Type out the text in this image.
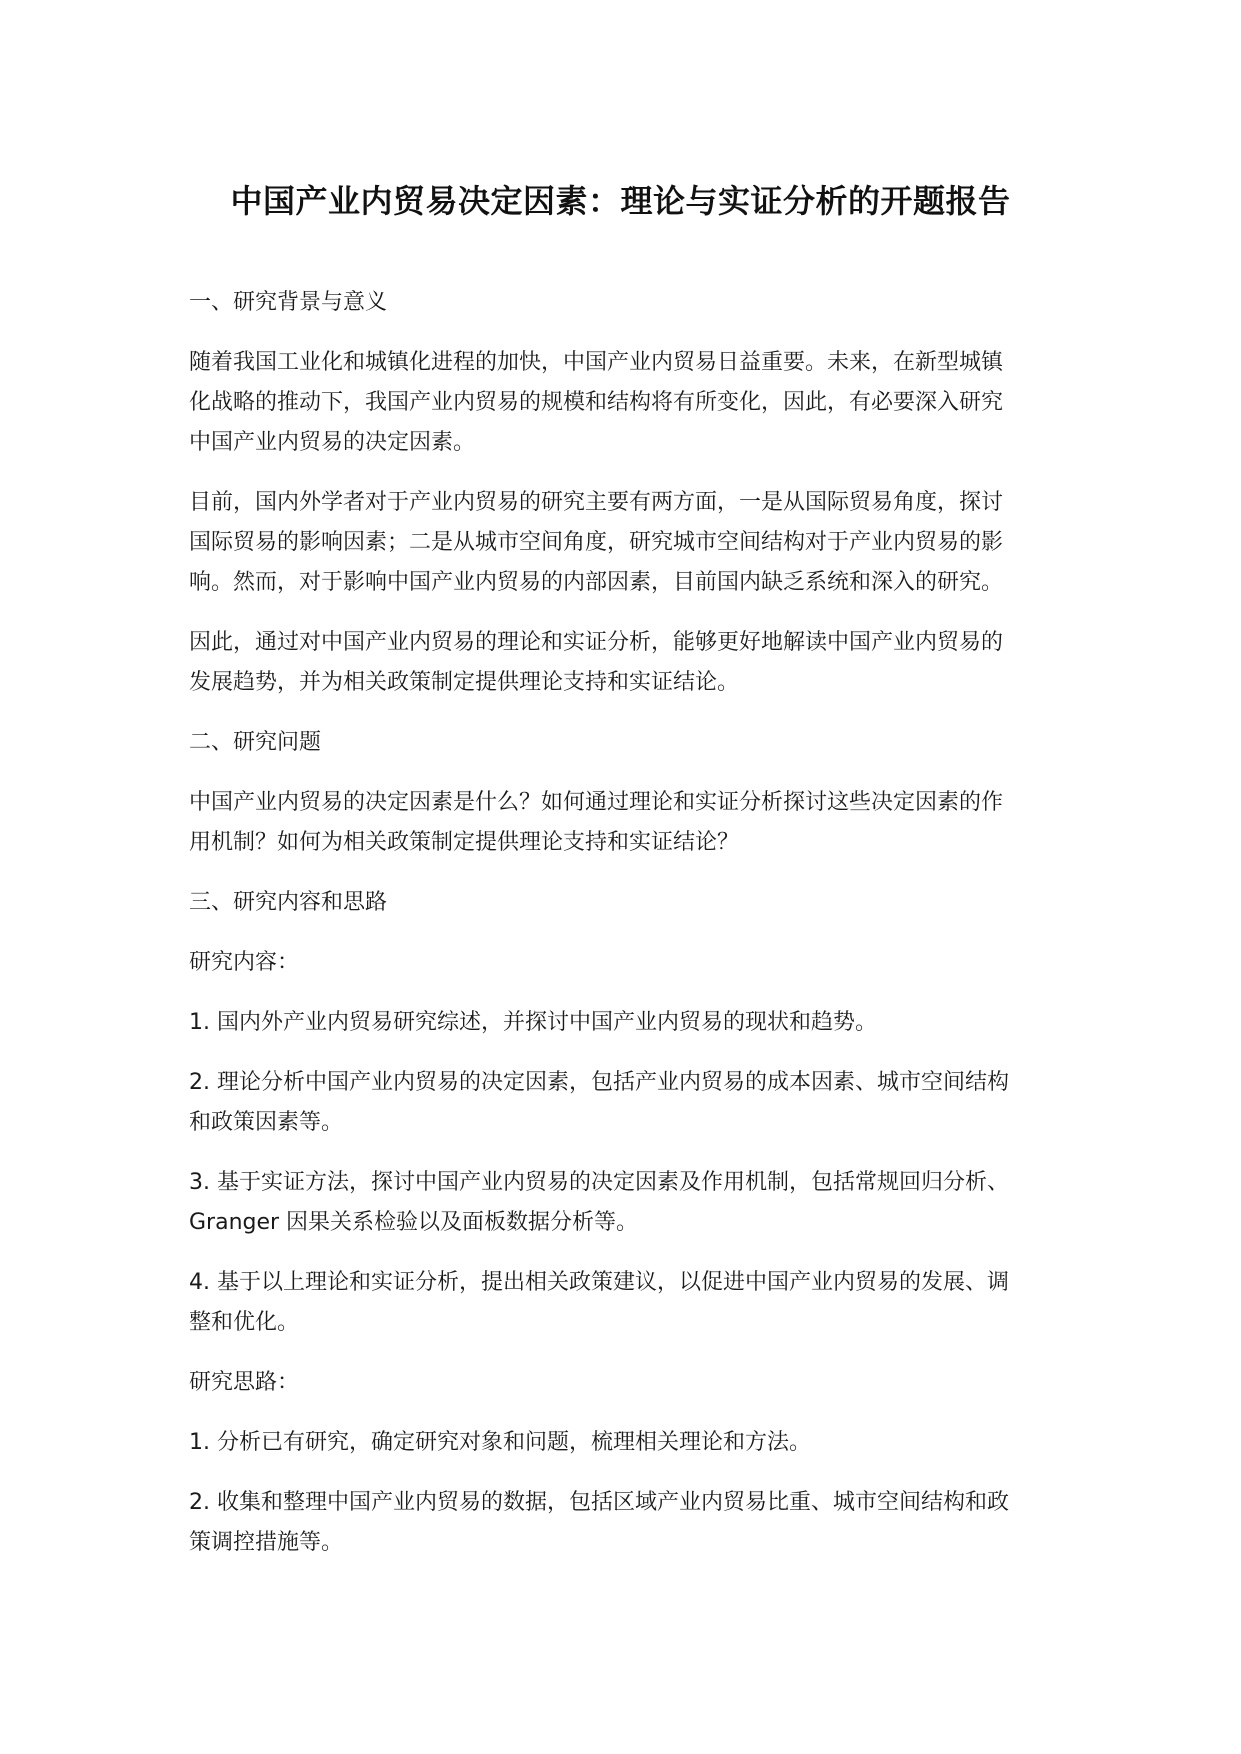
中国产业内贸易决定因素：理论与实证分析的开题报告
一、研究背景与意义
随着我国工业化和城镇化进程的加快，中国产业内贸易日益重要。未来，在新型城镇
化战略的推动下，我国产业内贸易的规模和结构将有所变化，因此，有必要深入研究
中国产业内贸易的决定因素。
目前，国内外学者对于产业内贸易的研究主要有两方面，一是从国际贸易角度，探讨
国际贸易的影响因素；二是从城市空间角度，研究城市空间结构对于产业内贸易的影
响。然而，对于影响中国产业内贸易的内部因素，目前国内缺乏系统和深入的研究。
因此，通过对中国产业内贸易的理论和实证分析，能够更好地解读中国产业内贸易的
发展趋势，并为相关政策制定提供理论支持和实证结论。
二、研究问题
中国产业内贸易的决定因素是什么？如何通过理论和实证分析探讨这些决定因素的作
用机制？如何为相关政策制定提供理论支持和实证结论？
三、研究内容和思路
研究内容：
1. 国内外产业内贸易研究综述，并探讨中国产业内贸易的现状和趋势。
2. 理论分析中国产业内贸易的决定因素，包括产业内贸易的成本因素、城市空间结构
和政策因素等。
3. 基于实证方法，探讨中国产业内贸易的决定因素及作用机制，包括常规回归分析、
Granger 因果关系检验以及面板数据分析等。
4. 基于以上理论和实证分析，提出相关政策建议，以促进中国产业内贸易的发展、调
整和优化。
研究思路：
1. 分析已有研究，确定研究对象和问题，梳理相关理论和方法。
2. 收集和整理中国产业内贸易的数据，包括区域产业内贸易比重、城市空间结构和政
策调控措施等。
